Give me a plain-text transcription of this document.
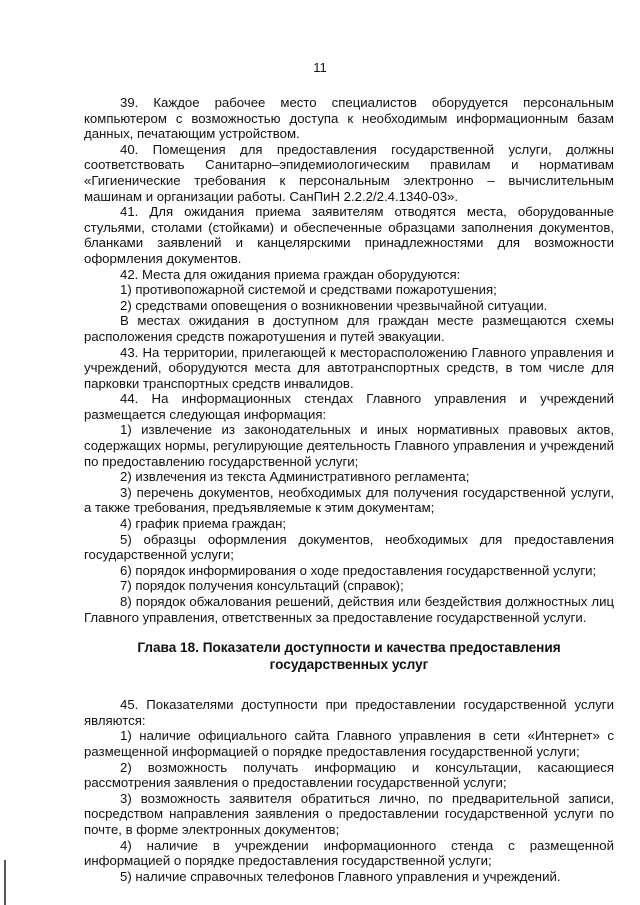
11

39. Каждое рабочее место специалистов оборудуется персональным компьютером с возможностью доступа к необходимым информационным базам данных, печатающим устройством.

40. Помещения для предоставления государственной услуги, должны соответствовать Санитарно–эпидемиологическим правилам и нормативам «Гигиенические требования к персональным электронно – вычислительным машинам и организации работы. СанПиН 2.2.2/2.4.1340-03».

41. Для ожидания приема заявителям отводятся места, оборудованные стульями, столами (стойками) и обеспеченные образцами заполнения документов, бланками заявлений и канцелярскими принадлежностями для возможности оформления документов.

42. Места для ожидания приема граждан оборудуются:

1) противопожарной системой и средствами пожаротушения;

2) средствами оповещения о возникновении чрезвычайной ситуации.

В местах ожидания в доступном для граждан месте размещаются схемы расположения средств пожаротушения и путей эвакуации.

43. На территории, прилегающей к месторасположению Главного управления и учреждений, оборудуются места для автотранспортных средств, в том числе для парковки транспортных средств инвалидов.

44. На информационных стендах Главного управления и учреждений размещается следующая информация:

1) извлечение из законодательных и иных нормативных правовых актов, содержащих нормы, регулирующие деятельность Главного управления и учреждений по предоставлению государственной услуги;

2) извлечения из текста Административного регламента;

3) перечень документов, необходимых для получения государственной услуги, а также требования, предъявляемые к этим документам;

4) график приема граждан;

5) образцы оформления документов, необходимых для предоставления государственной услуги;

6) порядок информирования о ходе предоставления государственной услуги;

7) порядок получения консультаций (справок);

8) порядок обжалования решений, действия или бездействия должностных лиц Главного управления, ответственных за предоставление государственной услуги.

Глава 18. Показатели доступности и качества предоставления государственных услуг

45. Показателями доступности при предоставлении государственной услуги являются:

1) наличие официального сайта Главного управления в сети «Интернет» с размещенной информацией о порядке предоставления государственной услуги;

2) возможность получать информацию и консультации, касающиеся рассмотрения заявления о предоставлении государственной услуги;

3) возможность заявителя обратиться лично, по предварительной записи, посредством направления заявления о предоставлении государственной услуги по почте, в форме электронных документов;

4) наличие в учреждении информационного стенда с размещенной информацией о порядке предоставления государственной услуги;

5) наличие справочных телефонов Главного управления и учреждений.
